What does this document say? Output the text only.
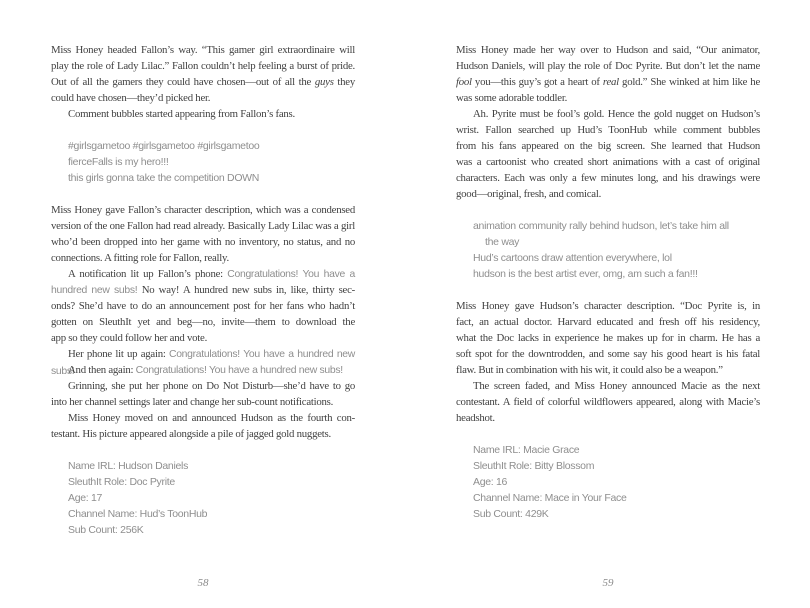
Miss Honey headed Fallon’s way. “This gamer girl extraordinaire will
play the role of Lady Lilac.” Fallon couldn’t help feeling a burst of pride.
Out of all the gamers they could have chosen—out of all the guys they
could have chosen—they’d picked her.
Comment bubbles started appearing from Fallon’s fans.
#girlsgametoo #girlsgametoo #girlsgametoo
fierceFalls is my hero!!!
this girls gonna take the competition DOWN
Miss Honey gave Fallon’s character description, which was a condensed
version of the one Fallon had read already. Basically Lady Lilac was a girl
who’d been dropped into her game with no inventory, no status, and no
connections. A fitting role for Fallon, really.
A notification lit up Fallon’s phone: Congratulations! You have a
hundred new subs! No way! A hundred new subs in, like, thirty sec-
onds? She’d have to do an announcement post for her fans who hadn’t
gotten on SleuthIt yet and beg—no, invite—them to download the
app so they could follow her and vote.
Her phone lit up again: Congratulations! You have a hundred new subs!
And then again: Congratulations! You have a hundred new subs!
Grinning, she put her phone on Do Not Disturb—she’d have to go
into her channel settings later and change her sub-count notifications.
Miss Honey moved on and announced Hudson as the fourth con-
testant. His picture appeared alongside a pile of jagged gold nuggets.
Name IRL: Hudson Daniels
SleuthIt Role: Doc Pyrite
Age: 17
Channel Name: Hud’s ToonHub
Sub Count: 256K
58
Miss Honey made her way over to Hudson and said, “Our animator,
Hudson Daniels, will play the role of Doc Pyrite. But don’t let the name
fool you—this guy’s got a heart of real gold.” She winked at him like he
was some adorable toddler.
Ah. Pyrite must be fool’s gold. Hence the gold nugget on Hudson’s
wrist. Fallon searched up Hud’s ToonHub while comment bubbles
from his fans appeared on the big screen. She learned that Hudson
was a cartoonist who created short animations with a cast of original
characters. Each was only a few minutes long, and his drawings were
good—original, fresh, and comical.
animation community rally behind hudson, let’s take him all
the way
Hud’s cartoons draw attention everywhere, lol
hudson is the best artist ever, omg, am such a fan!!!
Miss Honey gave Hudson’s character description. “Doc Pyrite is, in
fact, an actual doctor. Harvard educated and fresh off his residency,
what the Doc lacks in experience he makes up for in charm. He has a
soft spot for the downtrodden, and some say his good heart is his fatal
flaw. But in combination with his wit, it could also be a weapon.”
The screen faded, and Miss Honey announced Macie as the next
contestant. A field of colorful wildflowers appeared, along with Macie’s
headshot.
Name IRL: Macie Grace
SleuthIt Role: Bitty Blossom
Age: 16
Channel Name: Mace in Your Face
Sub Count: 429K
59
